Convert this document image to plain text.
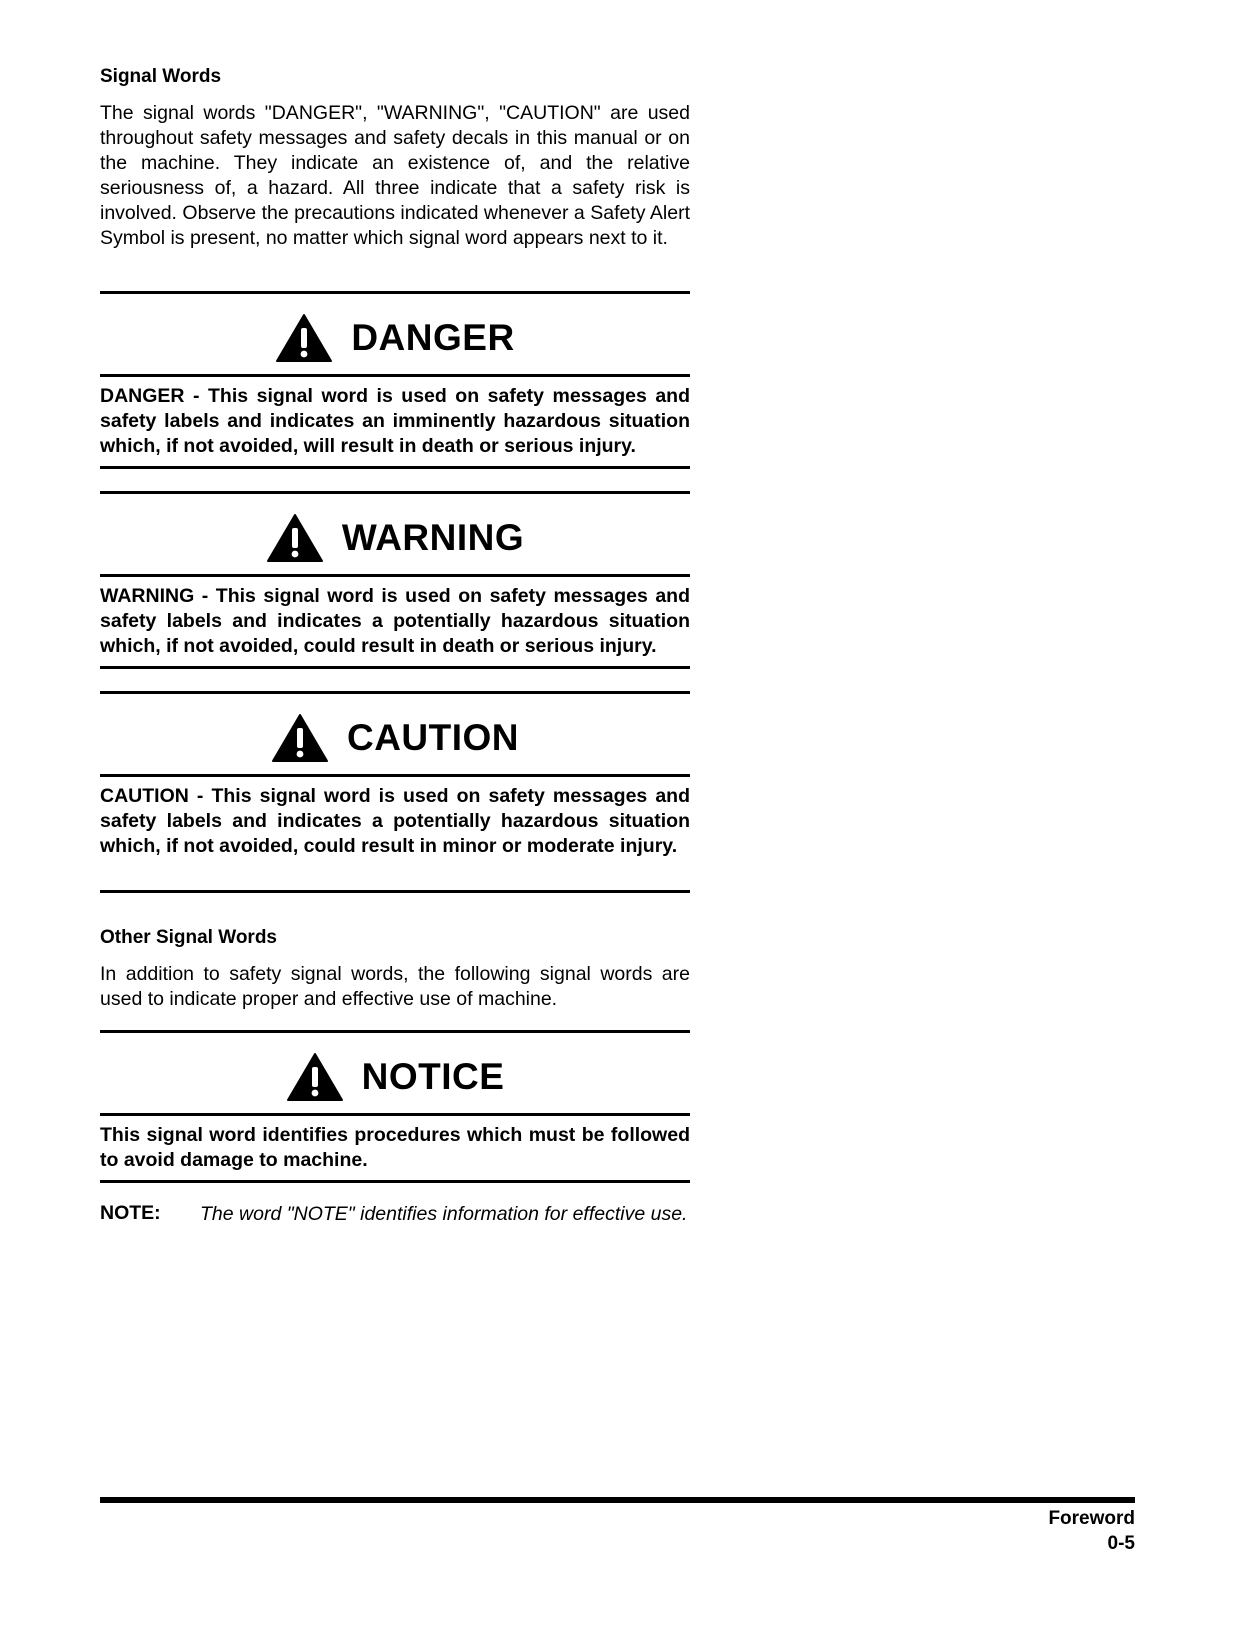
Signal Words
The signal words "DANGER", "WARNING", "CAUTION" are used throughout safety messages and safety decals in this manual or on the machine. They indicate an existence of, and the relative seriousness of, a hazard. All three indicate that a safety risk is involved. Observe the precautions indicated whenever a Safety Alert Symbol is present, no matter which signal word appears next to it.
DANGER
DANGER - This signal word is used on safety messages and safety labels and indicates an imminently hazardous situation which, if not avoided, will result in death or serious injury.
WARNING
WARNING - This signal word is used on safety messages and safety labels and indicates a potentially hazardous situation which, if not avoided, could result in death or serious injury.
CAUTION
CAUTION - This signal word is used on safety messages and safety labels and indicates a potentially hazardous situation which, if not avoided, could result in minor or moderate injury.
Other Signal Words
In addition to safety signal words, the following signal words are used to indicate proper and effective use of machine.
NOTICE
This signal word identifies procedures which must be followed to avoid damage to machine.
NOTE: The word "NOTE" identifies information for effective use.
Foreword
0-5
